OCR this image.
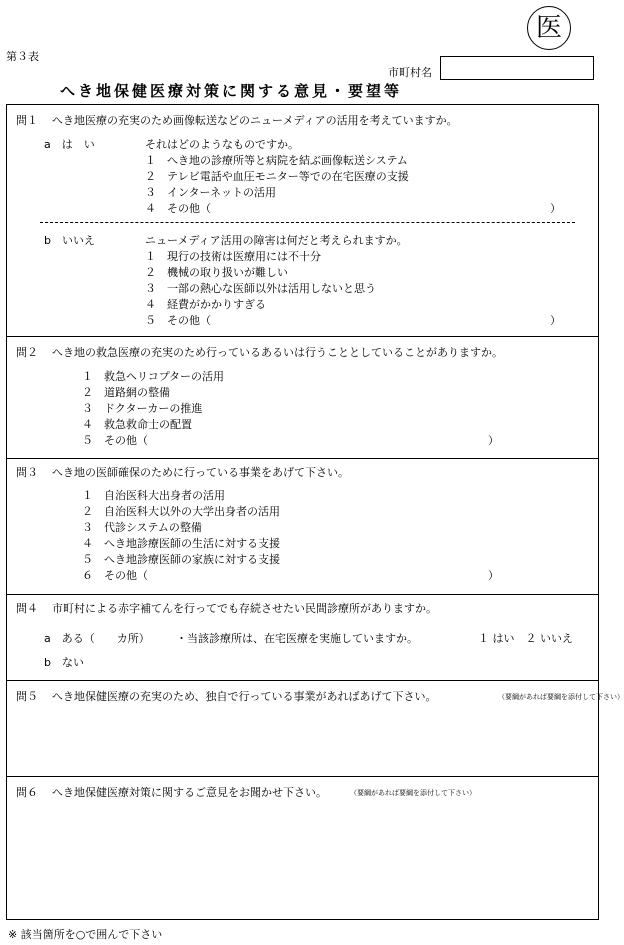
医
第３表
市町村名
へき地保健医療対策に関する意見・要望等
問１ へき地医療の充実のため画像転送などのニューメディアの活用を考えていますか。
a　は　い	それはどのようなものですか。
１　へき地の診療所等と病院を結ぶ画像転送システム
２　テレビ電話や血圧モニター等での在宅医療の支援
３　インターネットの活用
４　その他（	）
b　いいえ	ニューメディア活用の障害は何だと考えられますか。
１　現行の技術は医療用には不十分
２　機械の取り扱いが難しい
３　一部の熱心な医師以外は活用しないと思う
４　経費がかかりすぎる
５　その他（	）
問２ へき地の救急医療の充実のため行っているあるいは行うこととしていることがありますか。
１　救急ヘリコプターの活用
２　道路網の整備
３　ドクターカーの推進
４　救急救命士の配置
５　その他（	）
問３ へき地の医師確保のために行っている事業をあげて下さい。
１　自治医科大出身者の活用
２　自治医科大以外の大学出身者の活用
３　代診システムの整備
４　へき地診療医師の生活に対する支援
５　へき地診療医師の家族に対する支援
６　その他（	）
問４ 市町村による赤字補てんを行ってでも存続させたい民間診療所がありますか。
a　ある（　　カ所） ・当該診療所は、在宅医療を実施していますか。	１ はい　２ いいえ
b　ない
問５ へき地保健医療の充実のため、独自で行っている事業があればあげて下さい。	（要綱があれば要綱を添付して下さい）
問６ へき地保健医療対策に関するご意見をお聞かせ下さい。	（要綱があれば要綱を添付して下さい）
※ 該当箇所を○で囲んで下さい
